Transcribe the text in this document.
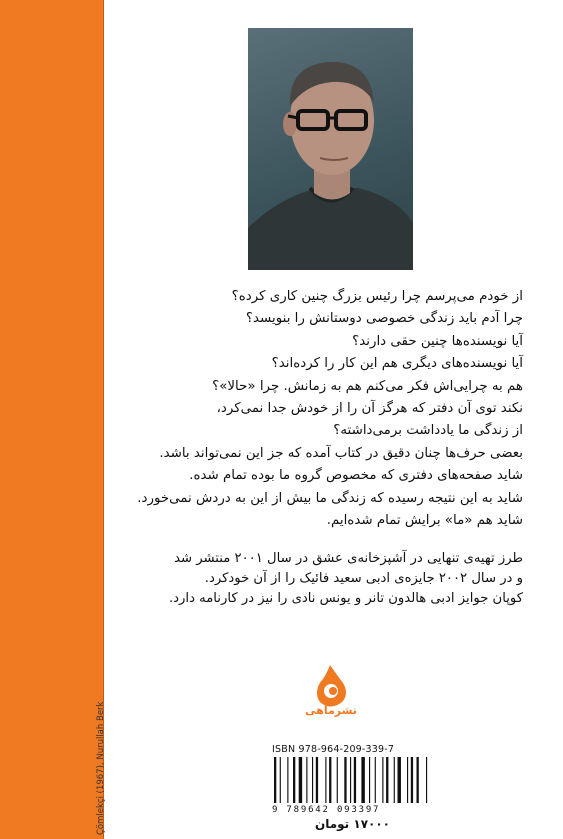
Çömlekçi (1967), Nurullah Berk
از خودم می‌پرسم چرا رئیس بزرگ چنین کاری کرده؟
چرا آدم باید زندگی خصوصی دوستانش را بنویسد؟
آیا نویسنده‌ها چنین حقی دارند؟
آیا نویسنده‌های دیگری هم این کار را کرده‌اند؟
هم به چرایی‌اش فکر می‌کنم هم به زمانش. چرا «حالا»؟
نکند توی آن دفتر که هرگز آن را از خودش جدا نمی‌کرد،
از زندگی ما یادداشت برمی‌داشته؟
بعضی حرف‌ها چنان دقیق در کتاب آمده که جز این نمی‌تواند باشد.
شاید صفحه‌های دفتری که مخصوص گروه ما بوده تمام شده.
شاید به این نتیجه رسیده که زندگی ما بیش از این به دردش نمی‌خورد.
شاید هم «ما» برایش تمام شده‌ایم.
طرز تهیه‌ی تنهایی در آشپزخانه‌ی عشق در سال ۲۰۰۱ منتشر شد
و در سال ۲۰۰۲ جایزه‌ی ادبی سعید فائیک را از آن خودکرد.
کوپان جوایز ادبی هالدون تانر و یونس نادی را نیز در کارنامه دارد.
نشرماهی
ISBN 978-964-209-339-7
9 789642 093397
۱۷۰۰۰ تومان
